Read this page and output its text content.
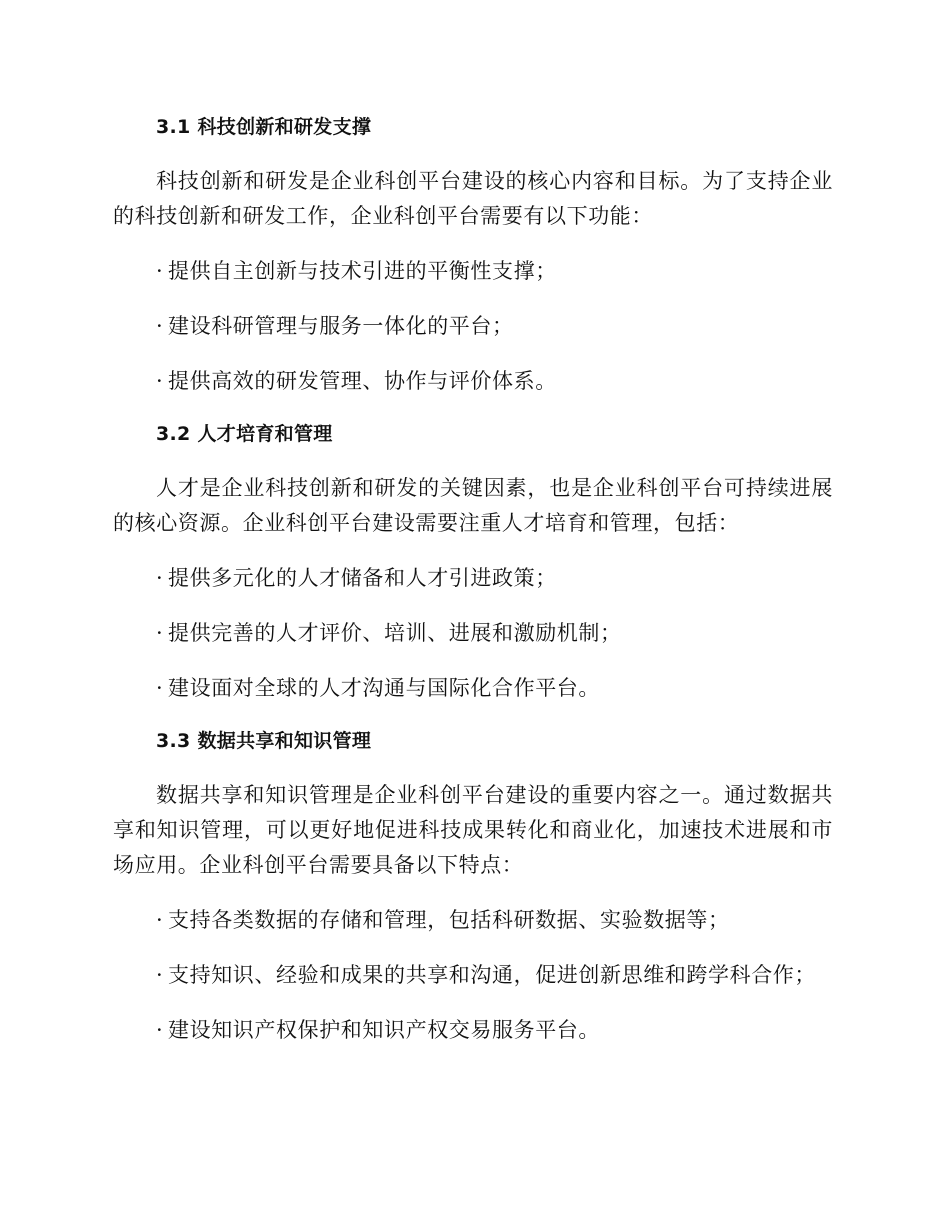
3.1 科技创新和研发支撑

科技创新和研发是企业科创平台建设的核心内容和目标。为了支持企业的科技创新和研发工作，企业科创平台需要有以下功能：

· 提供自主创新与技术引进的平衡性支撑；
· 建设科研管理与服务一体化的平台；
· 提供高效的研发管理、协作与评价体系。
3.2 人才培育和管理

人才是企业科技创新和研发的关键因素，也是企业科创平台可持续进展的核心资源。企业科创平台建设需要注重人才培育和管理，包括：

· 提供多元化的人才储备和人才引进政策；
· 提供完善的人才评价、培训、进展和激励机制；
· 建设面对全球的人才沟通与国际化合作平台。
3.3 数据共享和知识管理

数据共享和知识管理是企业科创平台建设的重要内容之一。通过数据共享和知识管理，可以更好地促进科技成果转化和商业化，加速技术进展和市场应用。企业科创平台需要具备以下特点：

· 支持各类数据的存储和管理，包括科研数据、实验数据等；
· 支持知识、经验和成果的共享和沟通，促进创新思维和跨学科合作；
· 建设知识产权保护和知识产权交易服务平台。
